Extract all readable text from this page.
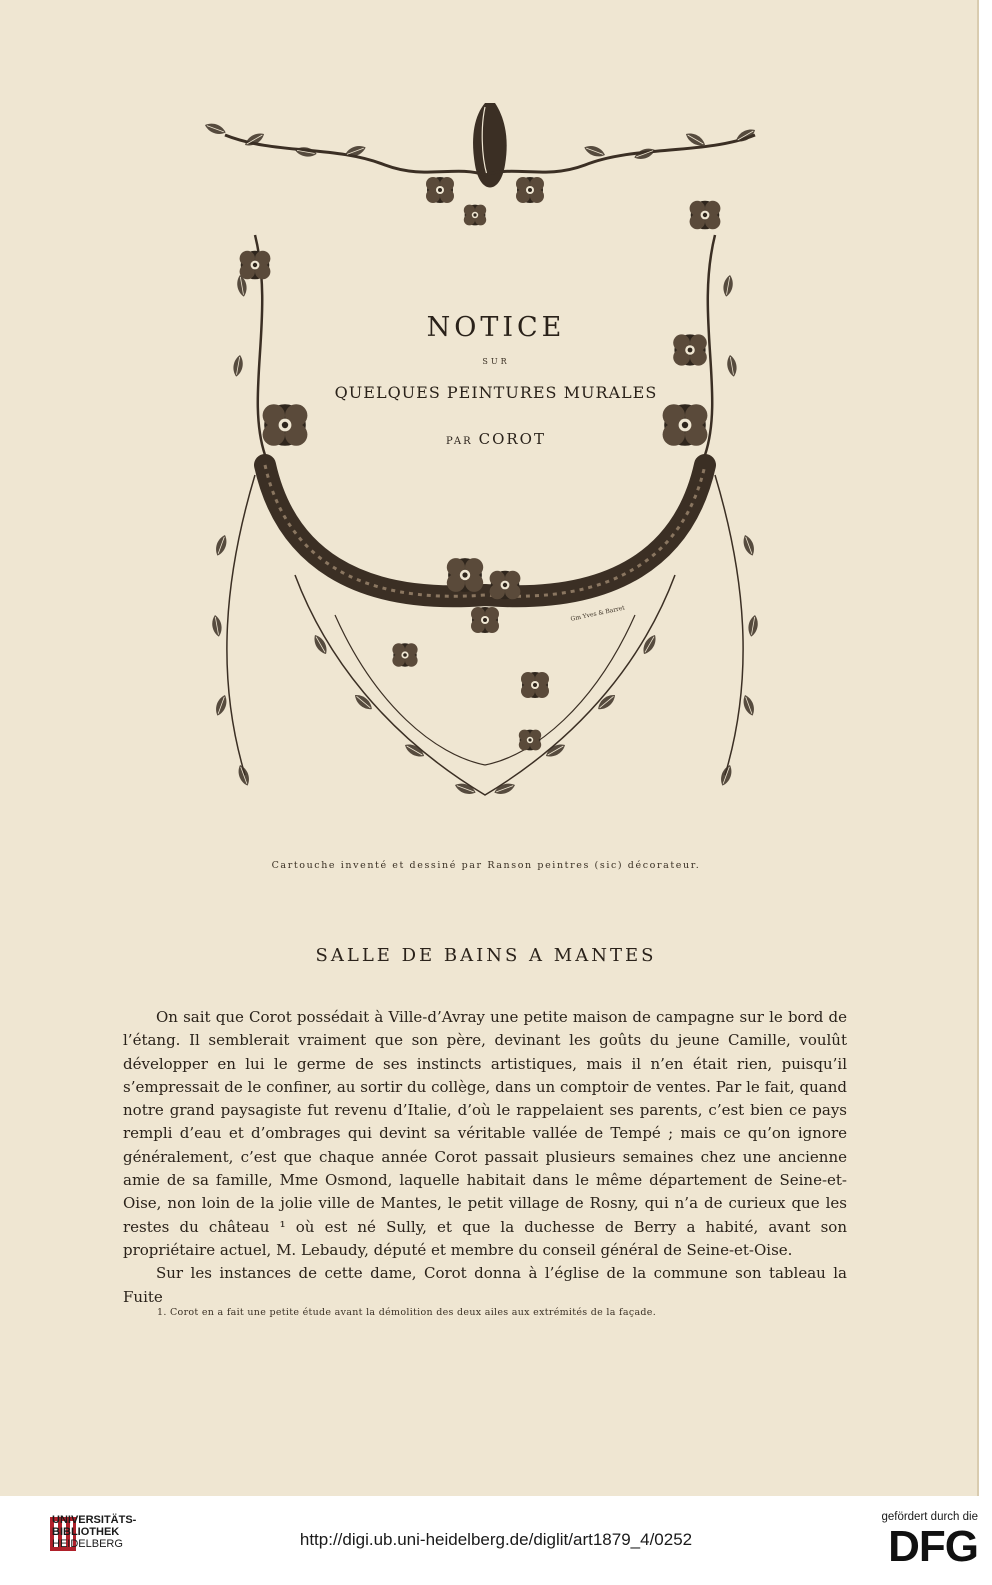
NOTICE
SUR
QUELQUES PEINTURES MURALES
PAR COROT
Gm Yves & Barret
Cartouche inventé et dessiné par Ranson peintres (sic) décorateur.
SALLE DE BAINS A MANTES

On sait que Corot possédait à Ville-d’Avray une petite maison de campagne sur le bord de l’étang. Il semblerait vraiment que son père, devinant les goûts du jeune Camille, voulût développer en lui le germe de ses instincts artistiques, mais il n’en était rien, puisqu’il s’empressait de le confiner, au sortir du collège, dans un comptoir de ventes. Par le fait, quand notre grand paysagiste fut revenu d’Italie, d’où le rappelaient ses parents, c’est bien ce pays rempli d’eau et d’ombrages qui devint sa véritable vallée de Tempé ; mais ce qu’on ignore généralement, c’est que chaque année Corot passait plusieurs semaines chez une ancienne amie de sa famille, Mme Osmond, laquelle habitait dans le même département de Seine-et-Oise, non loin de la jolie ville de Mantes, le petit village de Rosny, qui n’a de curieux que les restes du château ¹ où est né Sully, et que la duchesse de Berry a habité, avant son propriétaire actuel, M. Lebaudy, député et membre du conseil général de Seine-et-Oise.

Sur les instances de cette dame, Corot donna à l’église de la commune son tableau la Fuite

1. Corot en a fait une petite étude avant la démolition des deux ailes aux extrémités de la façade.
UNIVERSITÄTS-
BIBLIOTHEK
HEIDELBERG	http://digi.ub.uni-heidelberg.de/diglit/art1879_4/0252
gefördert durch die
DFG
